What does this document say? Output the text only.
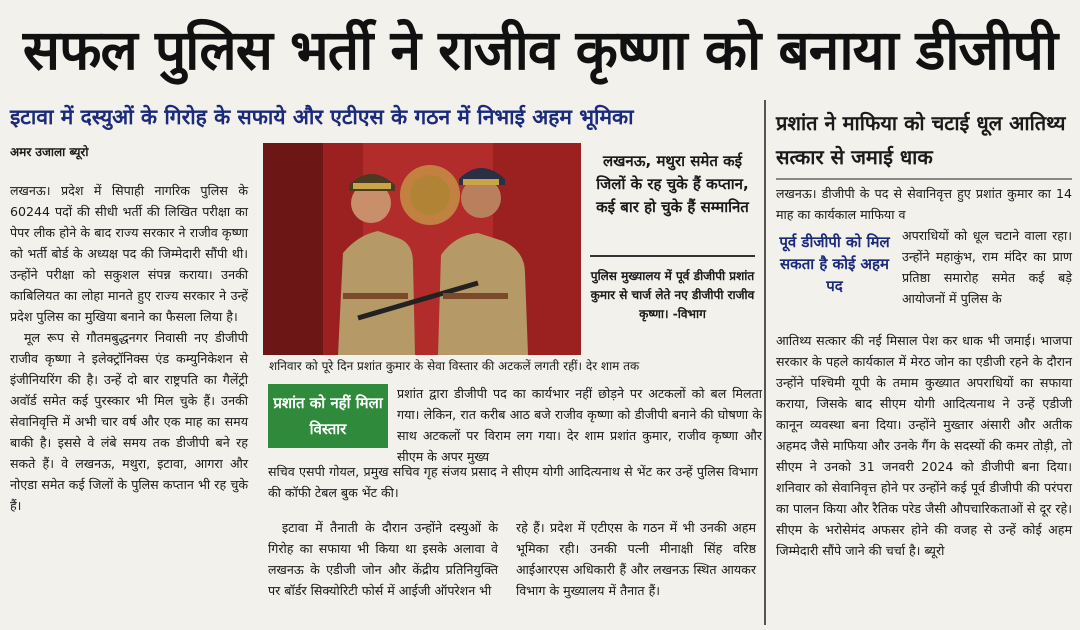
सफल पुलिस भर्ती ने राजीव कृष्णा को बनाया डीजीपी
इटावा में दस्युओं के गिरोह के सफाये और एटीएस के गठन में निभाई अहम भूमिका
अमर उजाला ब्यूरो

लखनऊ। प्रदेश में सिपाही नागरिक पुलिस के 60244 पदों की सीधी भर्ती की लिखित परीक्षा का पेपर लीक होने के बाद राज्य सरकार ने राजीव कृष्णा को भर्ती बोर्ड के अध्यक्ष पद की जिम्मेदारी सौंपी थी। उन्होंने परीक्षा को सकुशल संपन्न कराया। उनकी काबिलियत का लोहा मानते हुए राज्य सरकार ने उन्हें प्रदेश पुलिस का मुखिया बनाने का फैसला लिया है।

मूल रूप से गौतमबुद्धनगर निवासी नए डीजीपी राजीव कृष्णा ने इलेक्ट्रॉनिक्स एंड कम्युनिकेशन से इंजीनियरिंग की है। उन्हें दो बार राष्ट्रपति का गैलेंट्री अवॉर्ड समेत कई पुरस्कार भी मिल चुके हैं। उनकी सेवानिवृत्ति में अभी चार वर्ष और एक माह का समय बाकी है। इससे वे लंबे समय तक डीजीपी बने रह सकते हैं। वे लखनऊ, मथुरा, इटावा, आगरा और नोएडा समेत कई जिलों के पुलिस कप्तान भी रह चुके हैं।

शनिवार को पूरे दिन प्रशांत कुमार के सेवा विस्तार की अटकलें लगती रहीं। देर शाम तक
लखनऊ, मथुरा समेत कई जिलों के रह चुके हैं कप्तान, कई बार हो चुके हैं सम्मानित
पुलिस मुख्यालय में पूर्व डीजीपी प्रशांत कुमार से चार्ज लेते नए डीजीपी राजीव कृष्णा। -विभाग
प्रशांत को नहीं मिला विस्तार
प्रशांत द्वारा डीजीपी पद का कार्यभार नहीं छोड़ने पर अटकलों को बल मिलता गया। लेकिन, रात करीब आठ बजे राजीव कृष्णा को डीजीपी बनाने की घोषणा के साथ अटकलों पर विराम लग गया। देर शाम प्रशांत कुमार, राजीव कृष्णा और सीएम के अपर मुख्य
सचिव एसपी गोयल, प्रमुख सचिव गृह संजय प्रसाद ने सीएम योगी आदित्यनाथ से भेंट कर उन्हें पुलिस विभाग की कॉफी टेबल बुक भेंट की।
इटावा में तैनाती के दौरान उन्होंने दस्युओं के गिरोह का सफाया भी किया था इसके अलावा वे लखनऊ के एडीजी जोन और केंद्रीय प्रतिनियुक्ति पर बॉर्डर सिक्योरिटी फोर्स में आईजी ऑपरेशन भी
रहे हैं। प्रदेश में एटीएस के गठन में भी उनकी अहम भूमिका रही। उनकी पत्नी मीनाक्षी सिंह वरिष्ठ आईआरएस अधिकारी हैं और लखनऊ स्थित आयकर विभाग के मुख्यालय में तैनात हैं।
प्रशांत ने माफिया को चटाई धूल आतिथ्य सत्कार से जमाई धाक
लखनऊ। डीजीपी के पद से सेवानिवृत्त हुए प्रशांत कुमार का 14 माह का कार्यकाल माफिया व
पूर्व डीजीपी को मिल सकता है कोई अहम पद
अपराधियों को धूल चटाने वाला रहा। उन्होंने महाकुंभ, राम मंदिर का प्राण प्रतिष्ठा समारोह समेत कई बड़े आयोजनों में पुलिस के
आतिथ्य सत्कार की नई मिसाल पेश कर धाक भी जमाई। भाजपा सरकार के पहले कार्यकाल में मेरठ जोन का एडीजी रहने के दौरान उन्होंने पश्चिमी यूपी के तमाम कुख्यात अपराधियों का सफाया कराया, जिसके बाद सीएम योगी आदित्यनाथ ने उन्हें एडीजी कानून व्यवस्था बना दिया। उन्होंने मुख्तार अंसारी और अतीक अहमद जैसे माफिया और उनके गैंग के सदस्यों की कमर तोड़ी, तो सीएम ने उनको 31 जनवरी 2024 को डीजीपी बना दिया। शनिवार को सेवानिवृत्त होने पर उन्होंने कई पूर्व डीजीपी की परंपरा का पालन किया और रैतिक परेड जैसी औपचारिकताओं से दूर रहे। सीएम के भरोसेमंद अफसर होने की वजह से उन्हें कोई अहम जिम्मेदारी सौंपे जाने की चर्चा है। ब्यूरो
